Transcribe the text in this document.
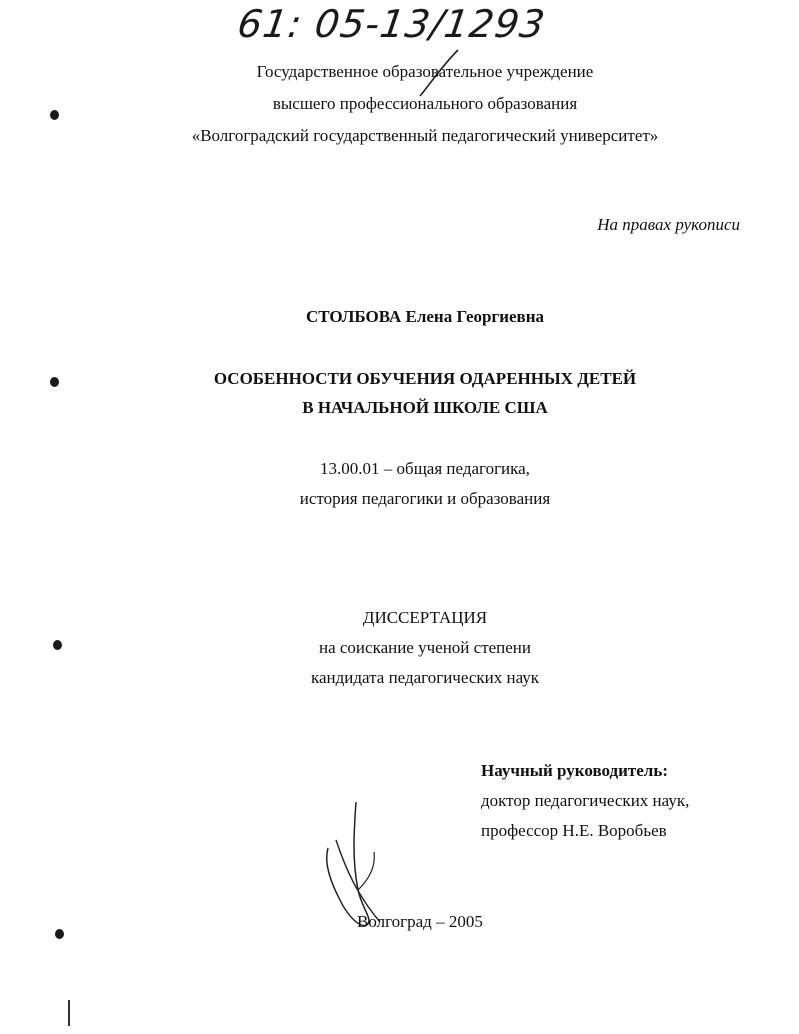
61: 05-13/1293
Государственное образовательное учреждение
высшего профессионального образования
«Волгоградский государственный педагогический университет»
На правах рукописи
СТОЛБОВА Елена Георгиевна
ОСОБЕННОСТИ ОБУЧЕНИЯ ОДАРЕННЫХ ДЕТЕЙ
В НАЧАЛЬНОЙ ШКОЛЕ США
13.00.01 – общая педагогика,
история педагогики и образования
ДИССЕРТАЦИЯ
на соискание ученой степени
кандидата педагогических наук
Научный руководитель:
доктор педагогических наук,
профессор Н.Е. Воробьев
Волгоград – 2005
